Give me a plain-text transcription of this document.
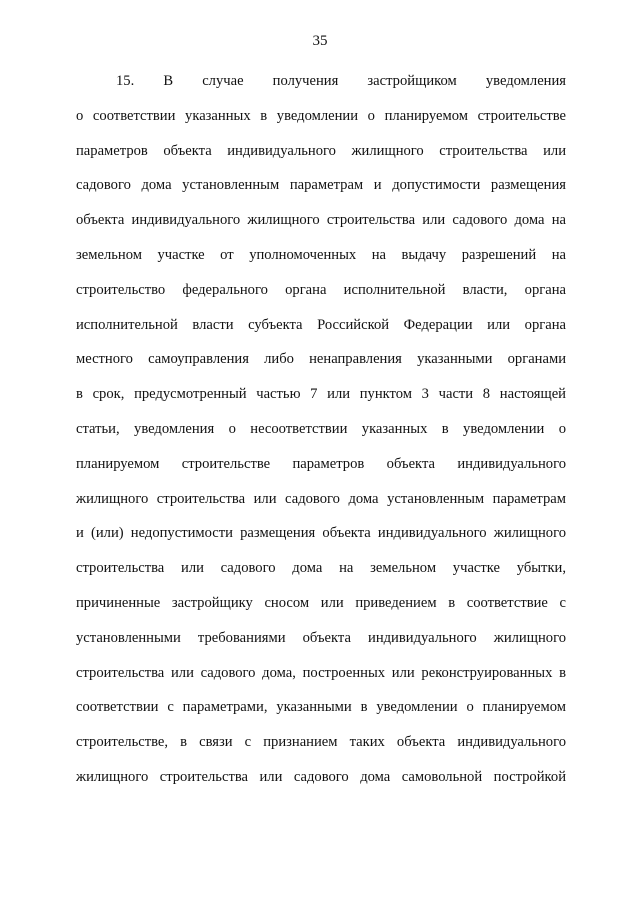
35
15. В случае получения застройщиком уведомления
о соответствии указанных в уведомлении о планируемом строительстве
параметров объекта индивидуального жилищного строительства или
садового дома установленным параметрам и допустимости размещения
объекта индивидуального жилищного строительства или садового дома на
земельном участке от уполномоченных на выдачу разрешений на
строительство федерального органа исполнительной власти, органа
исполнительной власти субъекта Российской Федерации или органа
местного самоуправления либо ненаправления указанными органами
в срок, предусмотренный частью 7 или пунктом 3 части 8 настоящей
статьи, уведомления о несоответствии указанных в уведомлении о
планируемом строительстве параметров объекта индивидуального
жилищного строительства или садового дома установленным параметрам
и (или) недопустимости размещения объекта индивидуального жилищного
строительства или садового дома на земельном участке убытки,
причиненные застройщику сносом или приведением в соответствие с
установленными требованиями объекта индивидуального жилищного
строительства или садового дома, построенных или реконструированных в
соответствии с параметрами, указанными в уведомлении о планируемом
строительстве, в связи с признанием таких объекта индивидуального
жилищного строительства или садового дома самовольной постройкой
